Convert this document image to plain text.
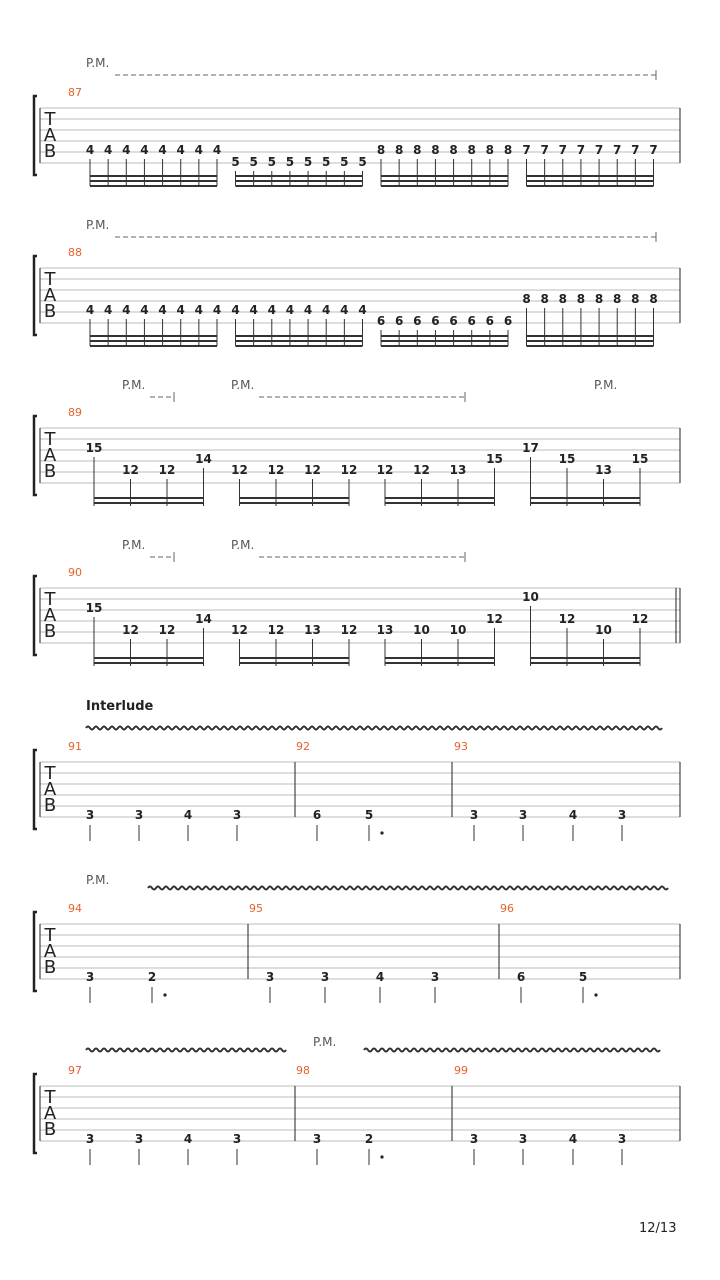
T
A
B
87
4 4 4 4 4 4 4 4
5 5 5 5 5 5 5 5
8 8 8 8 8 8 8 8 7 7 7 7 7 7 7 7
T
A
B
88
4 4 4 4 4 4 4 4 4 4 4 4 4 4 4 4
6 6 6 6 6 6 6 6
8 8 8 8 8 8 8 8
P.M.
P.M.
T
A
B
89
15
12 12
14
12 12 12 12 12 12 13
15
17
15
13
15
T
A
B
90
15
12 12
14
12 12 13 12 13 10 10
12
10
12
10
12
P.M.	P.M.	P.M.
P.M.	P.M.
T
A
B
91	92	93
3	3	4	3	6	5	3	3	4	3
T
A
B
94	95	96
3	2	3	3	4	3	6	5
T
A
B
97	98	99
3	3	4	3	3	2	3	3	4	3
Interlude
P.M.
P.M.
12/13
